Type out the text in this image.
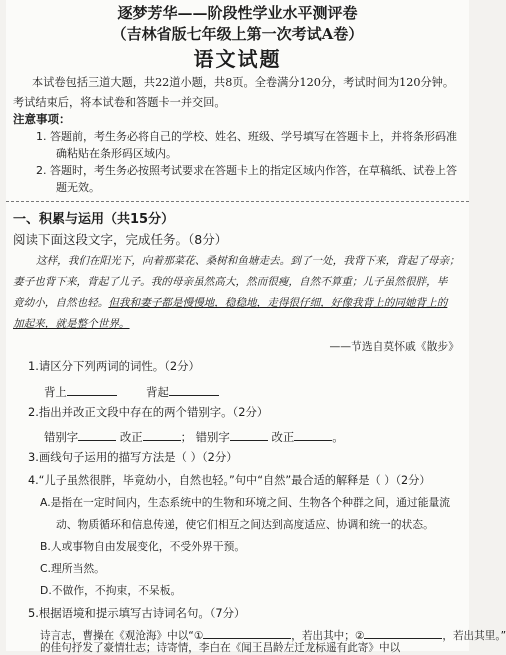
逐梦芳华——阶段性学业水平测评卷
（吉林省版七年级上第一次考试A卷）
语文试题
本试卷包括三道大题，共22道小题，共8页。全卷满分120分，考试时间为120分钟。
考试结束后，将本试卷和答题卡一并交回。
注意事项：
1. 答题前，考生务必将自己的学校、姓名、班级、学号填写在答题卡上，并将条形码准
确粘贴在条形码区域内。
2. 答题时，考生务必按照考试要求在答题卡上的指定区域内作答，在草稿纸、试卷上答
题无效。
一、积累与运用（共15分）
阅读下面这段文字，完成任务。（8分）
这样，我们在阳光下，向着那菜花、桑树和鱼塘走去。到了一处，我背下来，背起了母亲；
妻子也背下来，背起了儿子。我的母亲虽然高大，然而很瘦，自然不算重；儿子虽然很胖，毕
竟幼小，自然也轻。但我和妻子都是慢慢地，稳稳地，走得很仔细，好像我背上的同她背上的
加起来，就是整个世界。
——节选自莫怀戚《散步》
1.请区分下列两词的词性。（2分）
背上	背起
2.指出并改正文段中存在的两个错别字。（2分）
错别字	改正	； 错别字	改正	。
3.画线句子运用的描写方法是（ ）（2分）
4.“儿子虽然很胖，毕竟幼小，自然也轻。”句中“自然”最合适的解释是（ ）（2分）
A.是指在一定时间内，生态系统中的生物和环境之间、生物各个种群之间，通过能量流
动、物质循环和信息传递，使它们相互之间达到高度适应、协调和统一的状态。
B.人或事物自由发展变化，不受外界干预。
C.理所当然。
D.不做作，不拘束，不呆板。
5.根据语境和提示填写古诗词名句。（7分）
诗言志，曹操在《观沧海》中以“①	，若出其中；②	，若出其里。”
的佳句抒发了豪情壮志；诗寄情，李白在《闻王昌龄左迁龙标遥有此寄》中以
